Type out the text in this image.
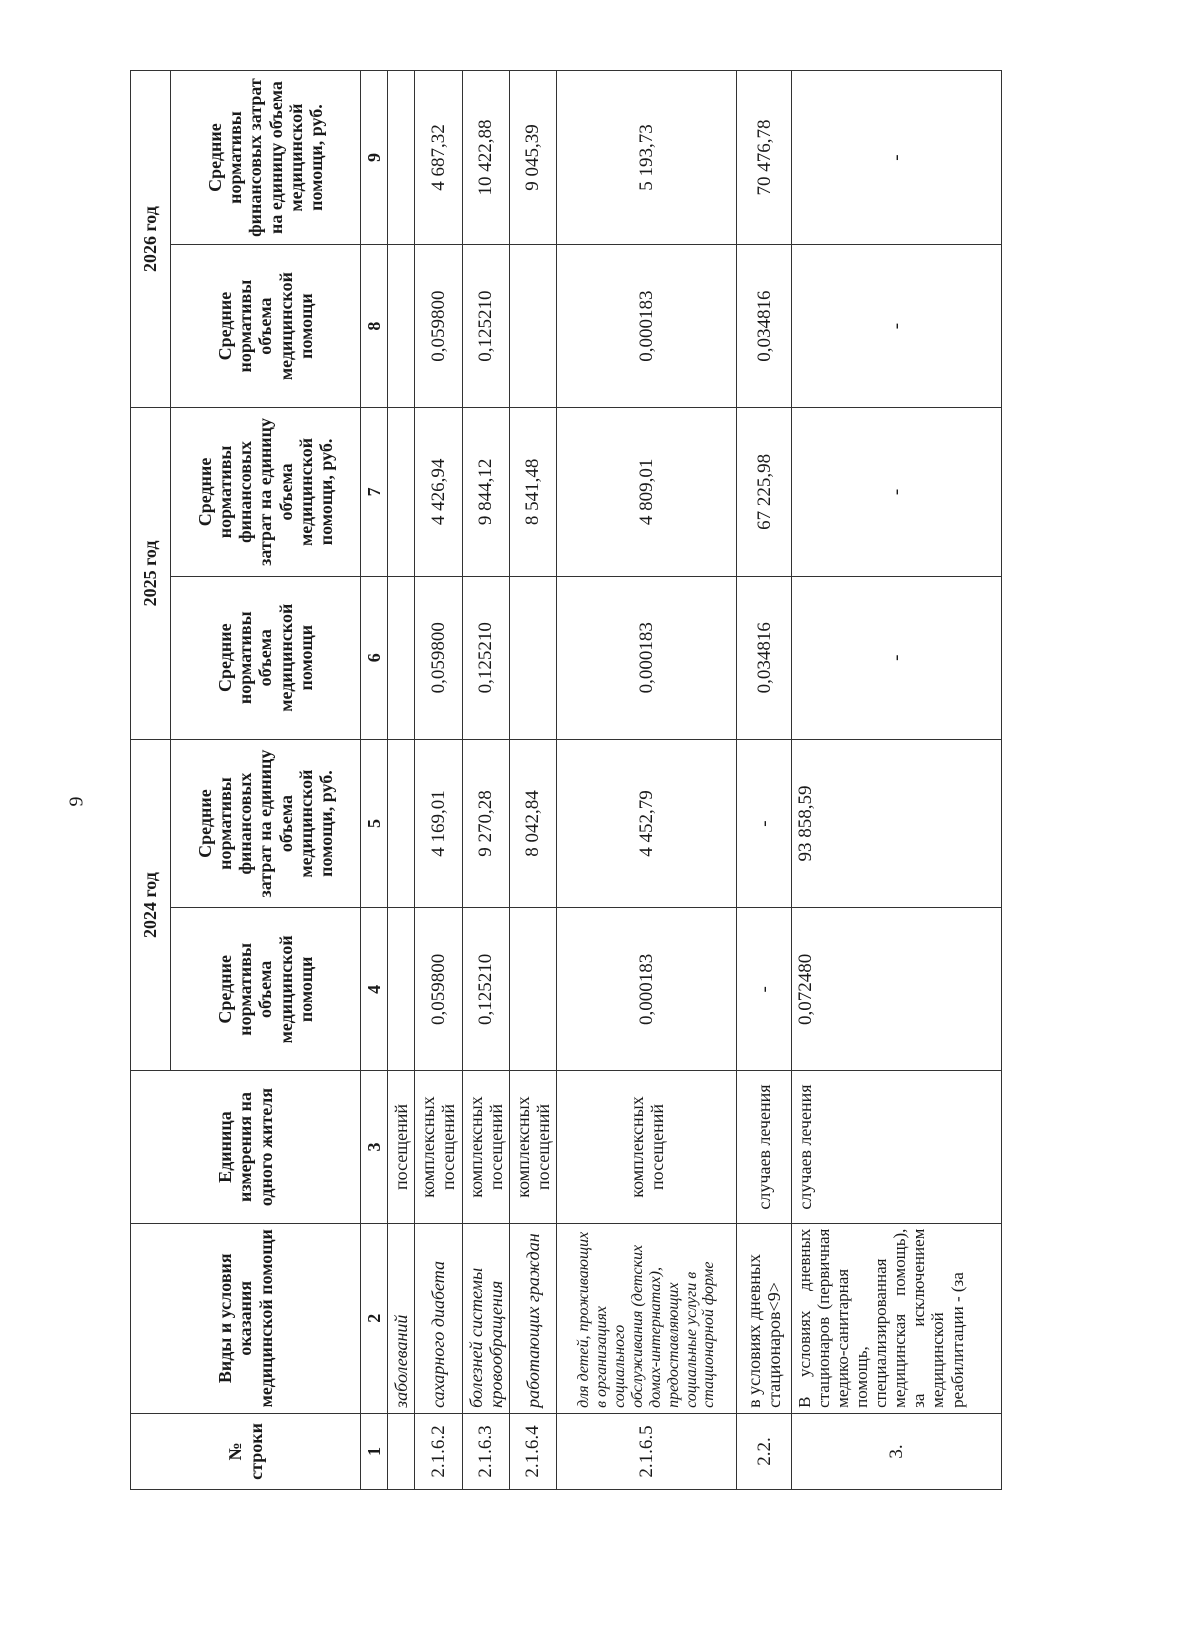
9
№ строки	Виды и условия оказания медицинской помощи	Единица измерения на одного жителя	2024 год		2025 год		2026 год	
			Средние нормативы объема медицинской помощи	Средние нормативы финансовых затрат на единицу объема медицинской помощи, руб.	Средние нормативы объема медицинской помощи	Средние нормативы финансовых затрат на единицу объема медицинской помощи, руб.	Средние нормативы объема медицинской помощи	Средние нормативы финансовых затрат на единицу объема медицинской помощи, руб.
1	2	3	4	5	6	7	8	9
	заболеваний	посещений						
2.1.6.2	сахарного диабета	комплексных посещений	0,059800	4 169,01	0,059800	4 426,94	0,059800	4 687,32
2.1.6.3	болезней системы кровообращения	комплексных посещений	0,125210	9 270,28	0,125210	9 844,12	0,125210	10 422,88
2.1.6.4	работающих граждан	комплексных посещений		8 042,84		8 541,48		9 045,39
2.1.6.5	для детей, проживающих в организациях социального обслуживания (детских домах-интернатах), предоставляющих социальные услуги в стационарной форме	комплексных посещений	0,000183	4 452,79	0,000183	4 809,01	0,000183	5 193,73
2.2.	в условиях дневных стационаров<9>	случаев лечения	-	-	0,034816	67 225,98	0,034816	70 476,78
3.	В условиях дневных стационаров (первичная медико-санитарная помощь, специализированная медицинская помощь), за исключением медицинской реабилитации - (за	случаев лечения	0,072480	93 858,59	-	-	-	-
